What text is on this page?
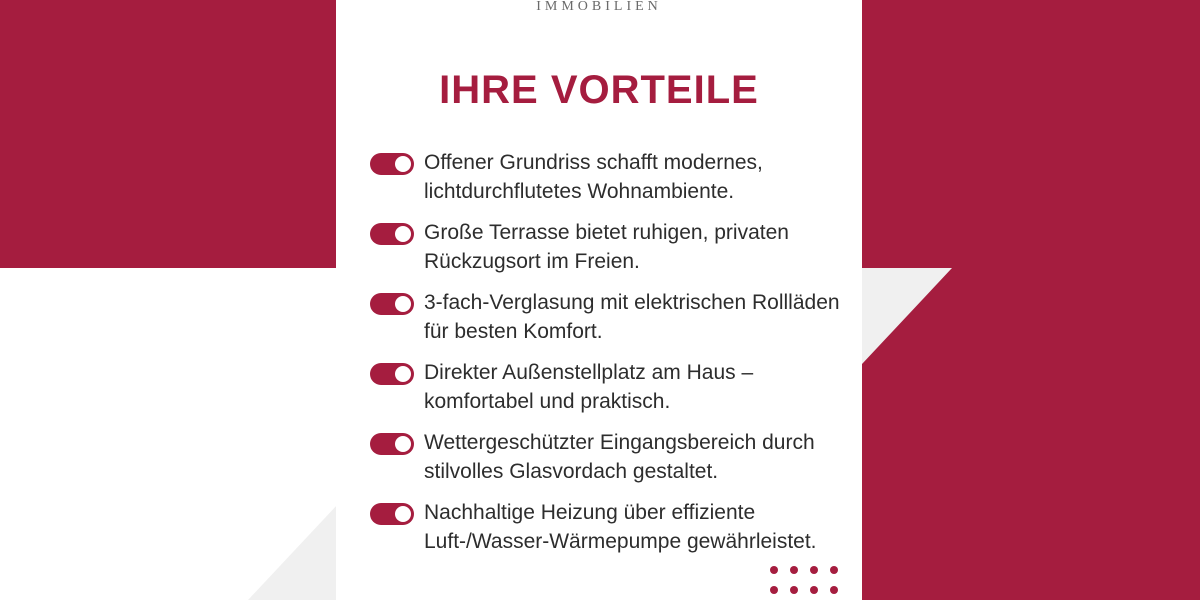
IMMOBILIEN
IHRE VORTEILE
Offener Grundriss schafft modernes, lichtdurchflutetes Wohnambiente.
Große Terrasse bietet ruhigen, privaten Rückzugsort im Freien.
3-fach-Verglasung mit elektrischen Rollläden für besten Komfort.
Direkter Außenstellplatz am Haus – komfortabel und praktisch.
Wettergeschützter Eingangsbereich durch stilvolles Glasvordach gestaltet.
Nachhaltige Heizung über effiziente Luft-/Wasser-Wärmepumpe gewährleistet.
